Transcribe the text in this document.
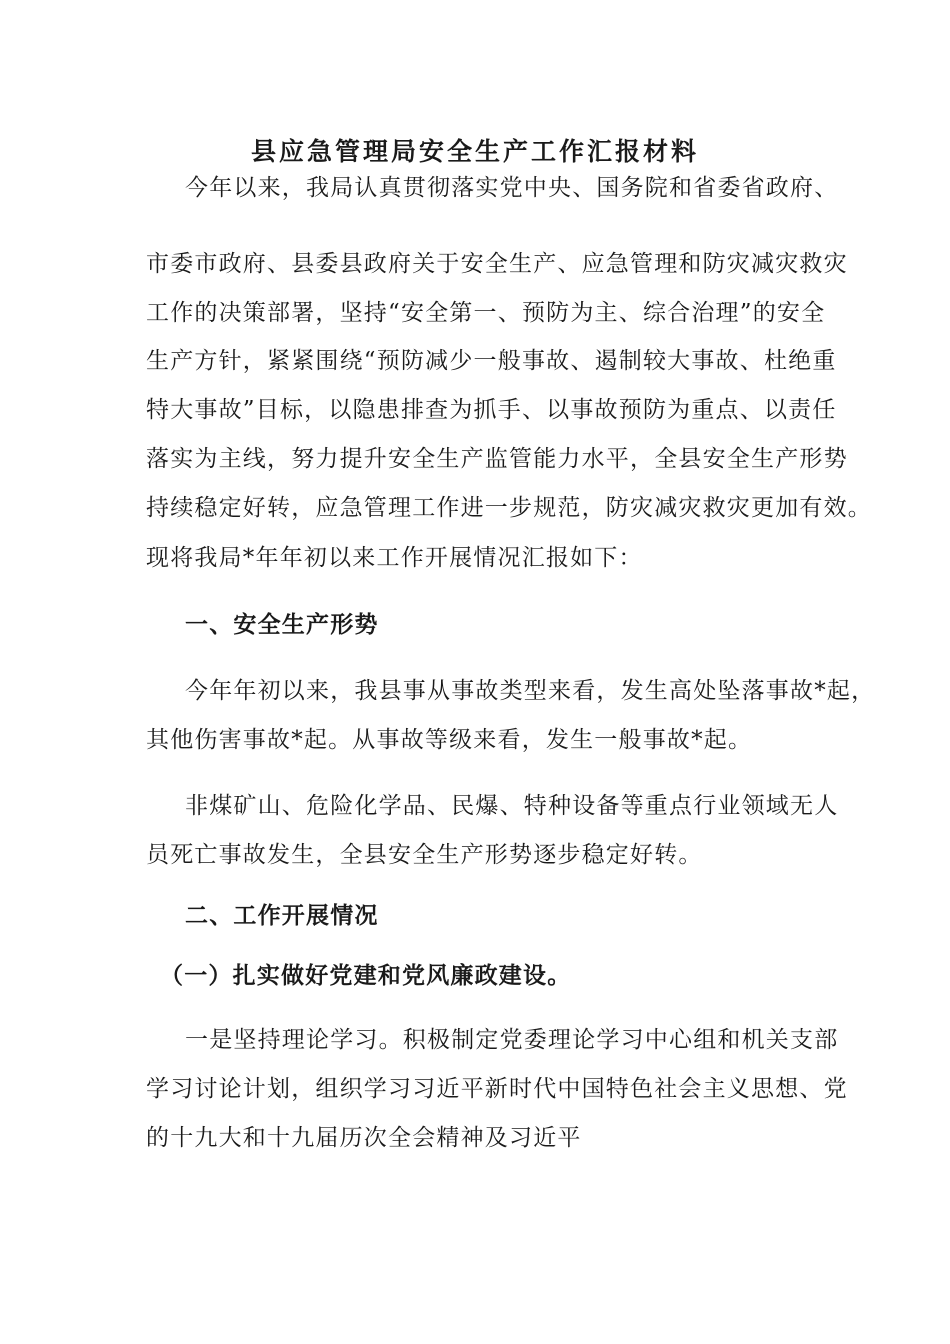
县应急管理局安全生产工作汇报材料
今年以来，我局认真贯彻落实党中央、国务院和省委省政府、
市委市政府、县委县政府关于安全生产、应急管理和防灾减灾救灾
工作的决策部署，坚持“安全第一、预防为主、综合治理”的安全
生产方针，紧紧围绕“预防减少一般事故、遏制较大事故、杜绝重
特大事故”目标，以隐患排查为抓手、以事故预防为重点、以责任
落实为主线，努力提升安全生产监管能力水平，全县安全生产形势
持续稳定好转，应急管理工作进一步规范，防灾减灾救灾更加有效。
现将我局*年年初以来工作开展情况汇报如下：
一、安全生产形势
今年年初以来，我县事从事故类型来看，发生高处坠落事故*起，
其他伤害事故*起。从事故等级来看，发生一般事故*起。
非煤矿山、危险化学品、民爆、特种设备等重点行业领域无人
员死亡事故发生，全县安全生产形势逐步稳定好转。
二、工作开展情况
（一）扎实做好党建和党风廉政建设。
一是坚持理论学习。积极制定党委理论学习中心组和机关支部
学习讨论计划，组织学习习近平新时代中国特色社会主义思想、党
的十九大和十九届历次全会精神及习近平
